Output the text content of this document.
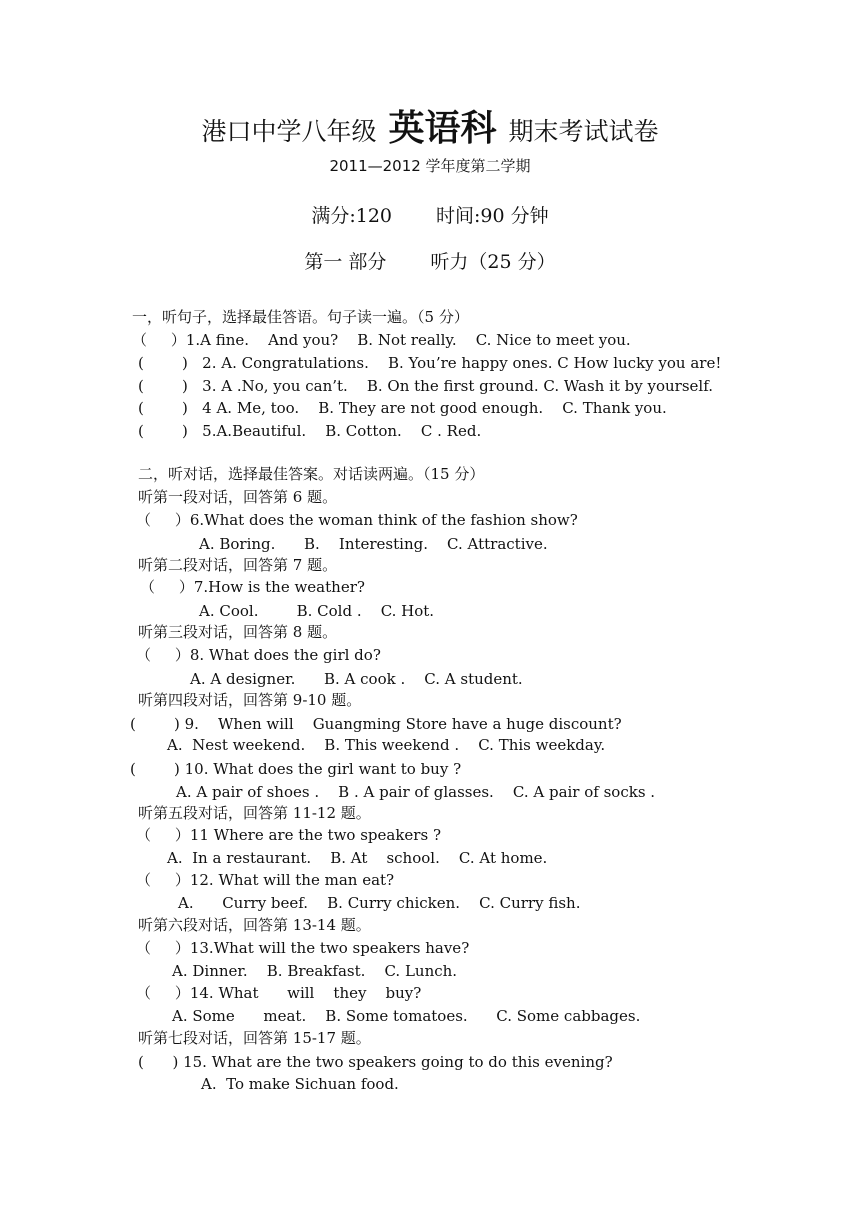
港口中学八年级 英语科 期末考试试卷
2011—2012 学年度第二学期
满分:120 时间:90 分钟
第一 部分 听力（25 分）
一，听句子，选择最佳答语。句子读一遍。（5 分）
（     ）1.A fine.    And you?    B. Not really.    C. Nice to meet you.
(        )   2. A. Congratulations.    B. You’re happy ones. C How lucky you are!
(        )   3. A .No, you can’t.    B. On the first ground. C. Wash it by yourself.
(        )   4 A. Me, too.    B. They are not good enough.    C. Thank you.
(        )   5.A.Beautiful.    B. Cotton.    C . Red.
二，听对话，选择最佳答案。对话读两遍。（15 分）
听第一段对话，回答第 6 题。
（     ）6.What does the woman think of the fashion show?
A. Boring.      B.    Interesting.    C. Attractive.
听第二段对话，回答第 7 题。
（     ）7.How is the weather?
A. Cool.        B. Cold .    C. Hot.
听第三段对话，回答第 8 题。
（     ）8. What does the girl do?
A. A designer.      B. A cook .    C. A student.
听第四段对话，回答第 9-10 题。
(        ) 9.    When will    Guangming Store have a huge discount?
A.  Nest weekend.    B. This weekend .    C. This weekday.
(        ) 10. What does the girl want to buy ?
A. A pair of shoes .    B . A pair of glasses.    C. A pair of socks .
听第五段对话，回答第 11-12 题。
（     ）11 Where are the two speakers ?
A.  In a restaurant.    B. At    school.    C. At home.
（     ）12. What will the man eat?
A.      Curry beef.    B. Curry chicken.    C. Curry fish.
听第六段对话，回答第 13-14 题。
（     ）13.What will the two speakers have?
A. Dinner.    B. Breakfast.    C. Lunch.
（     ）14. What      will    they    buy?
A. Some      meat.    B. Some tomatoes.      C. Some cabbages.
听第七段对话，回答第 15-17 题。
(      ) 15. What are the two speakers going to do this evening?
A.  To make Sichuan food.
